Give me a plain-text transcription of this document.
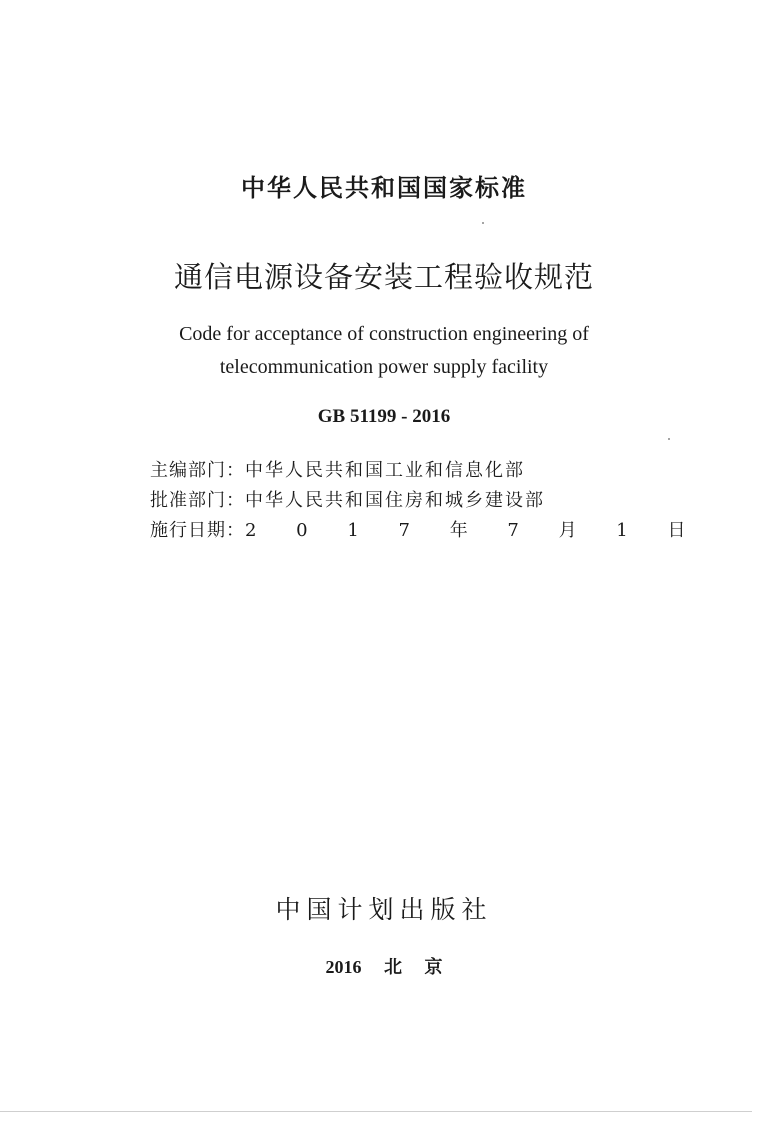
中华人民共和国国家标准
通信电源设备安装工程验收规范
Code for acceptance of construction engineering of
telecommunication power supply facility
GB 51199 - 2016
主编部门：中华人民共和国工业和信息化部
批准部门：中华人民共和国住房和城乡建设部
施行日期：2 0 1 7 年 7 月 1 日
中国计划出版社
2016 北 京
